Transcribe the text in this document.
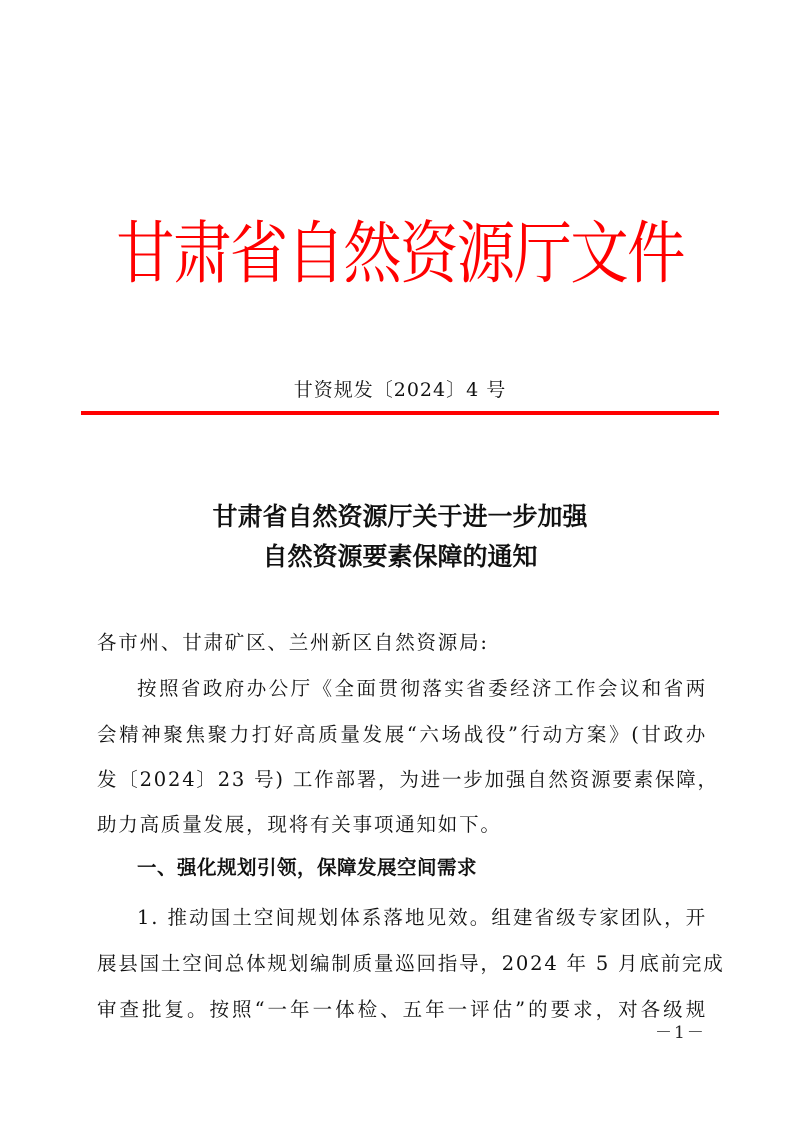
甘肃省自然资源厅文件
甘资规发〔2024〕4 号
甘肃省自然资源厅关于进一步加强
自然资源要素保障的通知
各市州、甘肃矿区、兰州新区自然资源局:
按照省政府办公厅《全面贯彻落实省委经济工作会议和省两
会精神聚焦聚力打好高质量发展“六场战役”行动方案》(甘政办
发〔2024〕23 号) 工作部署，为进一步加强自然资源要素保障，
助力高质量发展，现将有关事项通知如下。
一、强化规划引领，保障发展空间需求
1. 推动国土空间规划体系落地见效。组建省级专家团队，开
展县国土空间总体规划编制质量巡回指导，2024 年 5 月底前完成
审查批复。按照“一年一体检、五年一评估”的要求，对各级规
－1－
